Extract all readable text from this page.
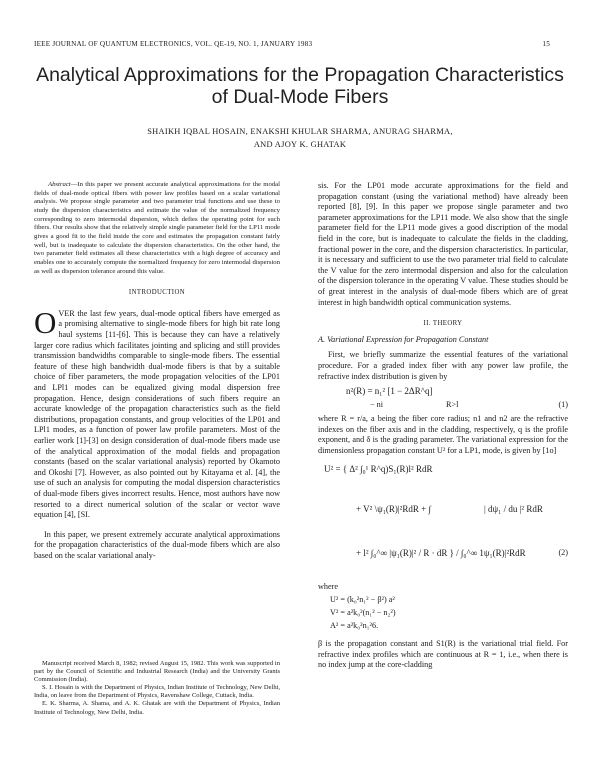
IEEE JOURNAL OF QUANTUM ELECTRONICS, VOL. QE-19, NO. 1, JANUARY 1983	15
Analytical Approximations for the Propagation Characteristics of Dual-Mode Fibers
SHAIKH IQBAL HOSAIN, ENAKSHI KHULAR SHARMA, ANURAG SHARMA,
AND AJOY K. GHATAK

Abstract—In this paper we present accurate analytical approximations for the modal fields of dual-mode optical fibers with power law profiles based on a scalar variational analysis. We propose single parameter and two parameter trial functions and use these to study the dispersion characteristics and estimate the value of the normalized frequency corresponding to zero intermodal dispersion, which defies the operating point for such fibers. Our results show that the relatively simple single parameter field for the LP11 mode gives a good fit to the field inside the core and estimates the propagation constant fairly well, but is inadequate to calculate the dispersion characteristics. On the other hand, the two parameter field estimates all these characteristics with a high degree of accuracy and enables one to accurately compute the normalized frequency for zero intermodal dispersion as well as dispersion tolerance around this value.

INTRODUCTION

OVER the last few years, dual-mode optical fibers have emerged as a promising alternative to single-mode fibers for high bit rate long haul systems [11-[6]. This is because they can have a relatively larger core radius which facilitates jointing and splicing and still provides transmission bandwidths comparable to single-mode fibers. The essential feature of these high bandwidth dual-mode fibers is that by a suitable choice of fiber parameters, the mode propagation velocities of the LP01 and LPl1 modes can be equalized giving modal dispersion free propagation. Hence, design considerations of such fibers require an accurate knowledge of the propagation characteristics such as the field distributions, propagation constants, and group velocities of the LP01 and LPl1 modes, as a function of power law profile parameters. Most of the earlier work [1]-[3] on design consideration of dual-mode fibers made use of the analytical approximation of the modal fields and propagation constants (based on the scalar variational analysis) reported by Okamoto and Okoshi [7]. However, as also pointed out by Kitayama et al. [4], the use of such an analysis for computing the modal dispersion characteristics of dual-mode fibers gives incorrect results. Hence, most authors have now resorted to a direct numerical solution of the scalar or vector wave equation [4], [SI.

In this paper, we present extremely accurate analytical approximations for the propagation characteristics of the dual-mode fibers which are also based on the scalar variational analy-

Manuscript received March 8, 1982; revised August 15, 1982. This work was supported in part by the Council of Scientific and Industrial Research (India) and the University Grants Commission (India).

S. I. Hosain is with the Department of Physics, Indian Institute of Technology, New Delhi, India, on leave from the Department of Physics, Ravenshaw College, Cuttack, India.

E. K. Sharma, A. Shama, and A. K. Ghatak are with the Department of Physics, Indian Institute of Technology, New Delhi, India.

sis. For the LP01 mode accurate approximations for the field and propagation constant (using the variational method) have already been reported [8], [9]. In this paper we propose single parameter and two parameter approximations for the LP11 mode. We also show that the single parameter field for the LP11 mode gives a good discription of the modal field in the core, but is inadequate to calculate the fields in the cladding, fractional power in the core, and the dispersion characteristics. In particular, it is necessary and sufficient to use the two parameter trial field to calculate the V value for the zero intermodal dispersion and also for the calculation of the dispersion tolerance in the operating V value. These studies should be of great interest in the analysis of dual-mode fibers which are of great interest in high bandwidth optical communication systems.

II. THEORY

A. Variational Expression for Propagation Constant

First, we briefly summarize the essential features of the variational procedure. For a graded index fiber with any power law profile, the refractive index distribution is given by

n²(R) = n₁² [1 − 2ΔR^q]
− ni	R>l	(1)

where R = r/a, a being the fiber core radius; n1 and n2 are the refractive indexes on the fiber axis and in the cladding, respectively, q is the profile exponent, and δ is the grading parameter. The variational expression for the dimensionless propagation constant U² for a LP1, mode, is given by [1o]

U² = { Δ² ∫₀¹ R^q)S₁(R)l² RdR
+ V² \ψ₁(R)|²RdR + ∫	| dψ₁ / du |² RdR
+ l² ∫₀^∞ |ψ₁(R)|² / R · dR } / ∫₀^∞ 1ψ₁(R)|²RdR	(2)

where

U² = (k₀²n₁² − β²) a²
V² = a²k₀²(n₁² − n₂²)
A² = a²k₀²n₁²6.

β is the propagation constant and S1(R) is the variational trial field. For refractive index profiles which are continuous at R = 1, i.e., when there is no index jump at the core-cladding
